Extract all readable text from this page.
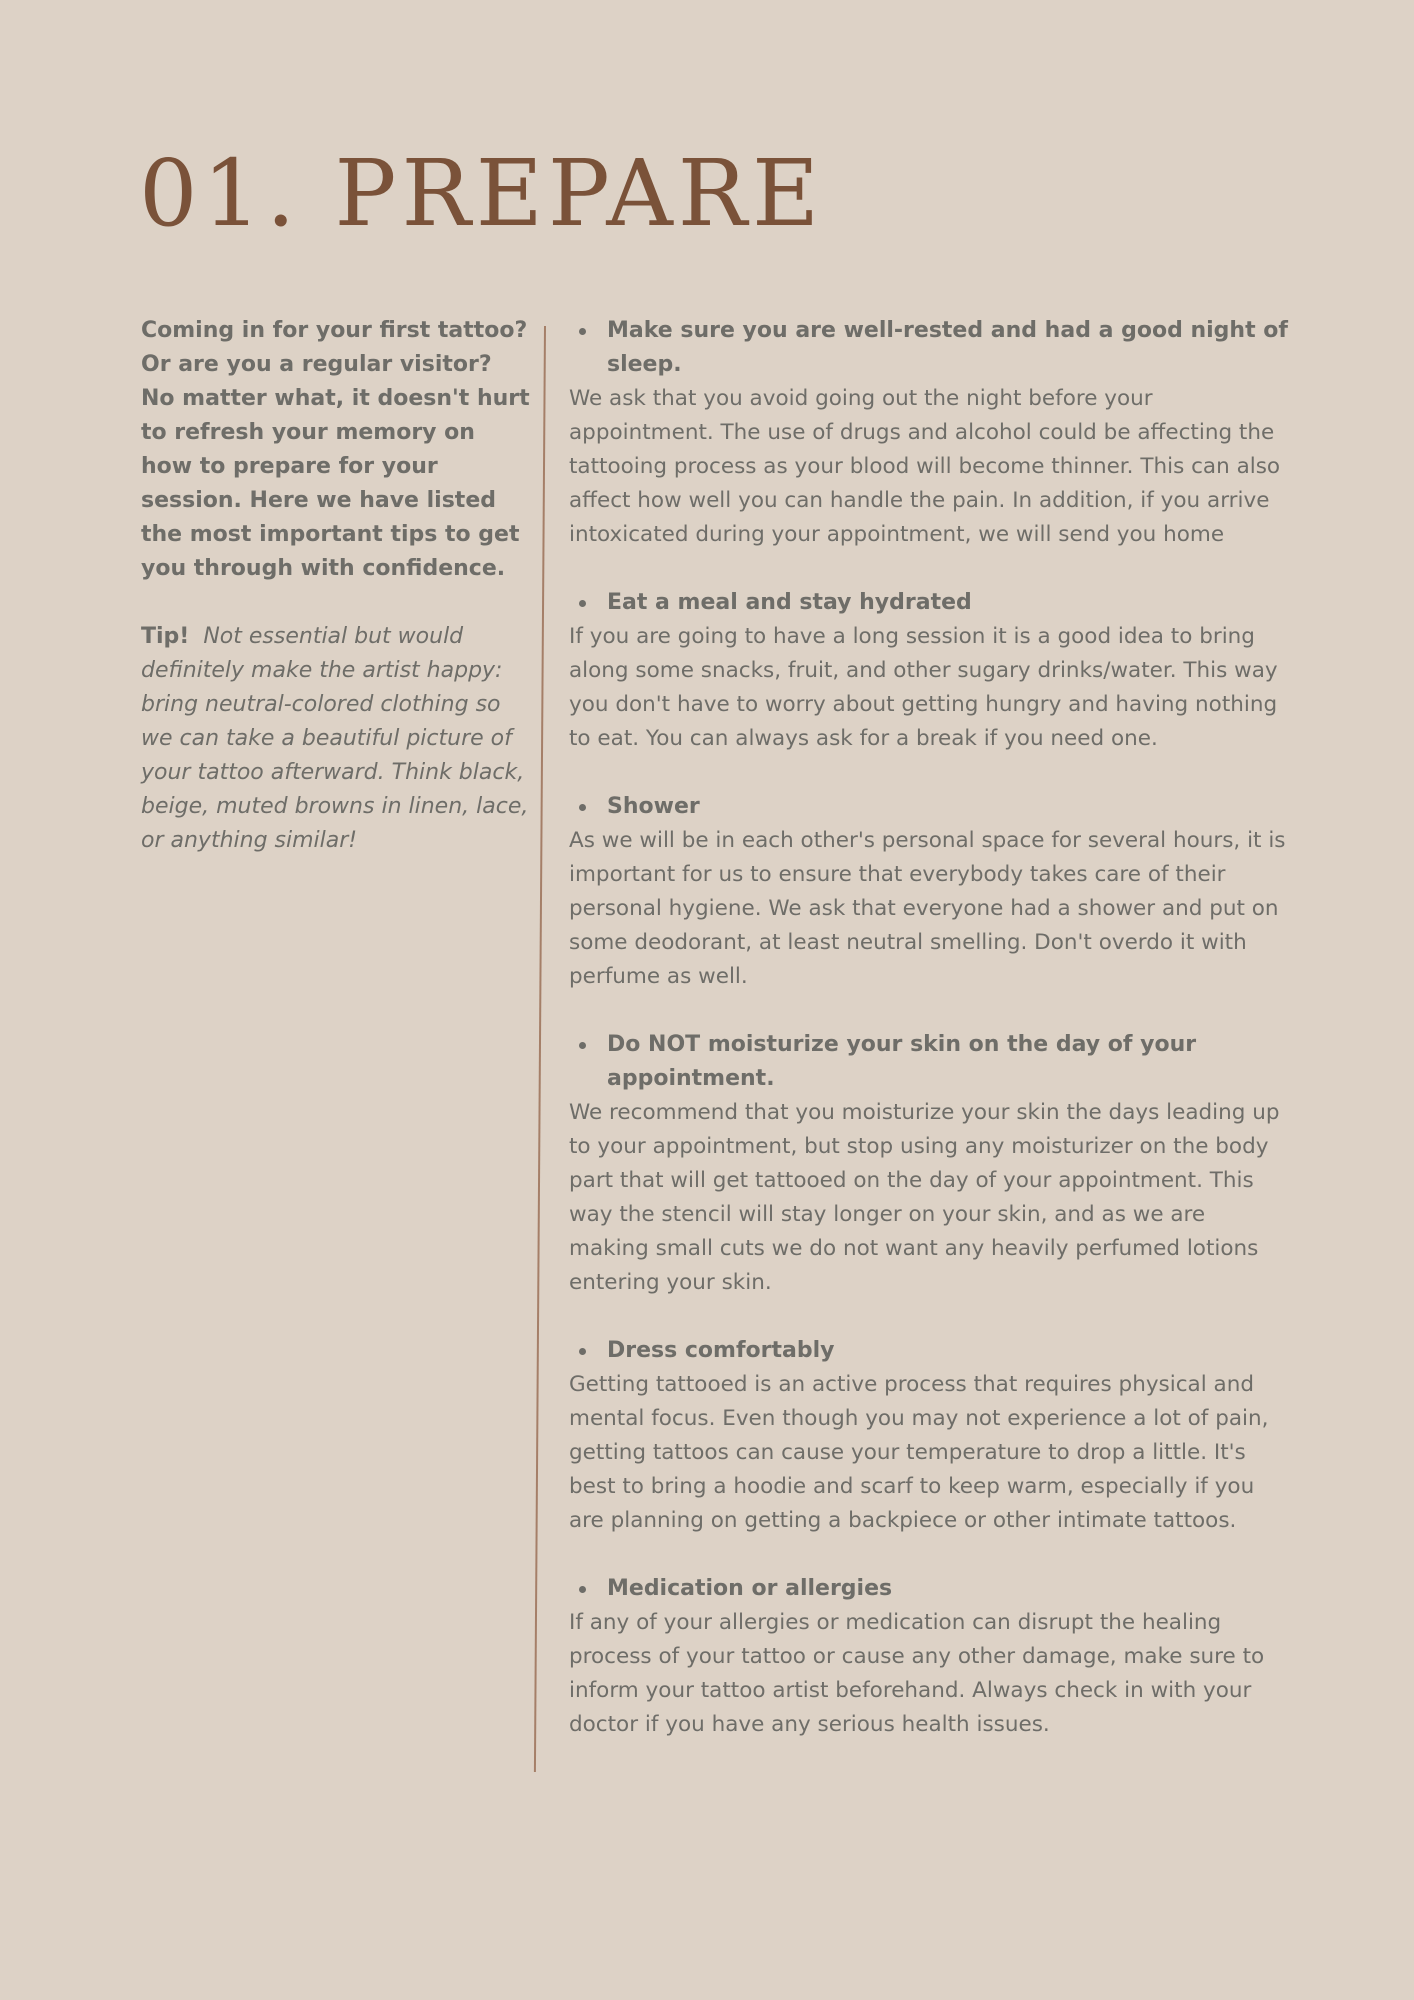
01. PREPARE

Coming in for your first tattoo? Or are you a regular visitor? No matter what, it doesn't hurt to refresh your memory on how to prepare for your session. Here we have listed the most important tips to get you through with confidence.

Tip! Not essential but would definitely make the artist happy: bring neutral-colored clothing so we can take a beautiful picture of your tattoo afterward. Think black, beige, muted browns in linen, lace, or anything similar!

Make sure you are well-rested and had a good night of sleep.

We ask that you avoid going out the night before your appointment. The use of drugs and alcohol could be affecting the tattooing process as your blood will become thinner. This can also affect how well you can handle the pain. In addition, if you arrive intoxicated during your appointment, we will send you home

Eat a meal and stay hydrated

If you are going to have a long session it is a good idea to bring along some snacks, fruit, and other sugary drinks/water. This way you don't have to worry about getting hungry and having nothing to eat. You can always ask for a break if you need one.

Shower

As we will be in each other's personal space for several hours, it is important for us to ensure that everybody takes care of their personal hygiene. We ask that everyone had a shower and put on some deodorant, at least neutral smelling. Don't overdo it with perfume as well.

Do NOT moisturize your skin on the day of your appointment.

We recommend that you moisturize your skin the days leading up to your appointment, but stop using any moisturizer on the body part that will get tattooed on the day of your appointment. This way the stencil will stay longer on your skin, and as we are making small cuts we do not want any heavily perfumed lotions entering your skin.

Dress comfortably

Getting tattooed is an active process that requires physical and mental focus. Even though you may not experience a lot of pain, getting tattoos can cause your temperature to drop a little. It's best to bring a hoodie and scarf to keep warm, especially if you are planning on getting a backpiece or other intimate tattoos.

Medication or allergies

If any of your allergies or medication can disrupt the healing process of your tattoo or cause any other damage, make sure to inform your tattoo artist beforehand. Always check in with your doctor if you have any serious health issues.
